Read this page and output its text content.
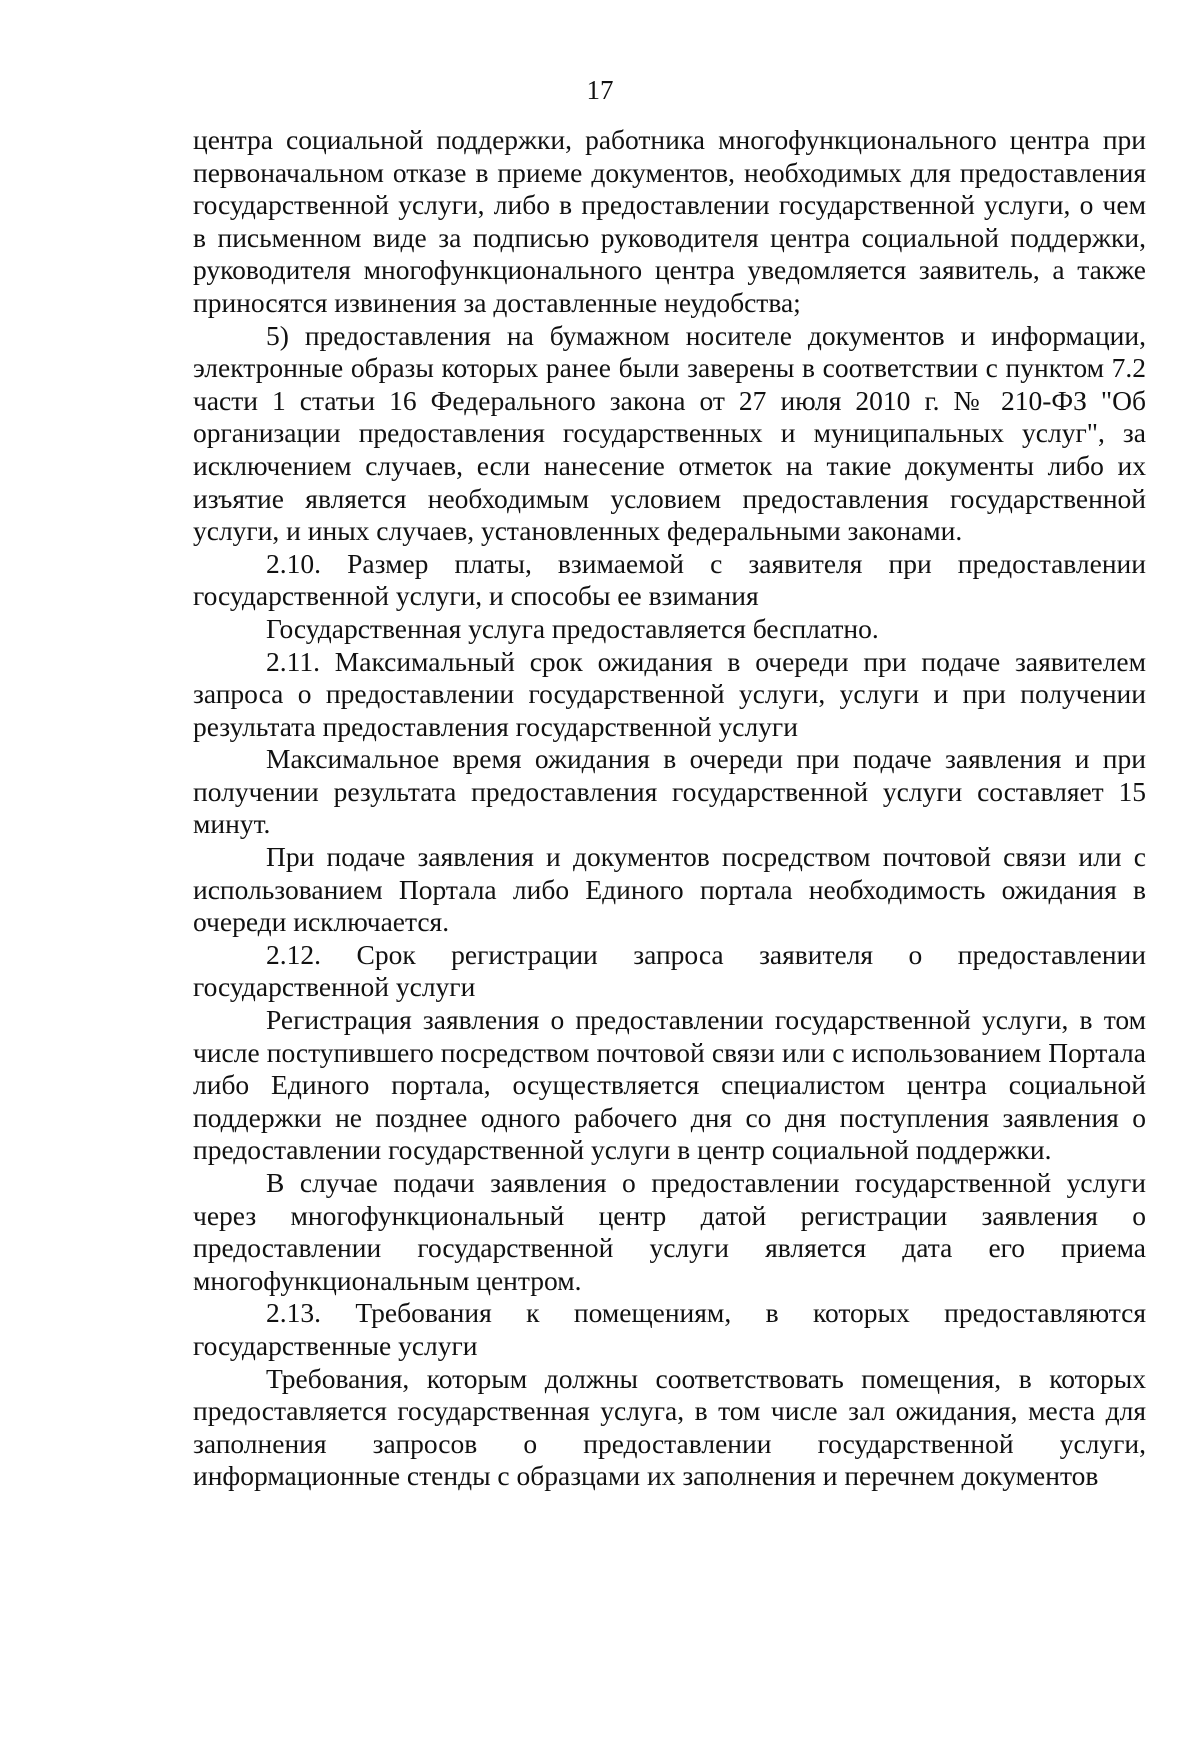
17

центра социальной поддержки, работника многофункционального центра при первоначальном отказе в приеме документов, необходимых для предоставления государственной услуги, либо в предоставлении государственной услуги, о чем в письменном виде за подписью руководителя центра социальной поддержки, руководителя многофункционального центра уведомляется заявитель, а также приносятся извинения за доставленные неудобства;

5) предоставления на бумажном носителе документов и информации, электронные образы которых ранее были заверены в соответствии с пунктом 7.2 части 1 статьи 16 Федерального закона от 27 июля 2010 г. № 210-ФЗ "Об организации предоставления государственных и муниципальных услуг", за исключением случаев, если нанесение отметок на такие документы либо их изъятие является необходимым условием предоставления государственной услуги, и иных случаев, установленных федеральными законами.

2.10. Размер платы, взимаемой с заявителя при предоставлении государственной услуги, и способы ее взимания

Государственная услуга предоставляется бесплатно.

2.11. Максимальный срок ожидания в очереди при подаче заявителем запроса о предоставлении государственной услуги, услуги и при получении результата предоставления государственной услуги

Максимальное время ожидания в очереди при подаче заявления и при получении результата предоставления государственной услуги составляет 15 минут.

При подаче заявления и документов посредством почтовой связи или с использованием Портала либо Единого портала необходимость ожидания в очереди исключается.

2.12. Срок регистрации запроса заявителя о предоставлении государственной услуги

Регистрация заявления о предоставлении государственной услуги, в том числе поступившего посредством почтовой связи или с использованием Портала либо Единого портала, осуществляется специалистом центра социальной поддержки не позднее одного рабочего дня со дня поступления заявления о предоставлении государственной услуги в центр социальной поддержки.

В случае подачи заявления о предоставлении государственной услуги через многофункциональный центр датой регистрации заявления о предоставлении государственной услуги является дата его приема многофункциональным центром.

2.13. Требования к помещениям, в которых предоставляются государственные услуги

Требования, которым должны соответствовать помещения, в которых предоставляется государственная услуга, в том числе зал ожидания, места для заполнения запросов о предоставлении государственной услуги, информационные стенды с образцами их заполнения и перечнем документов
